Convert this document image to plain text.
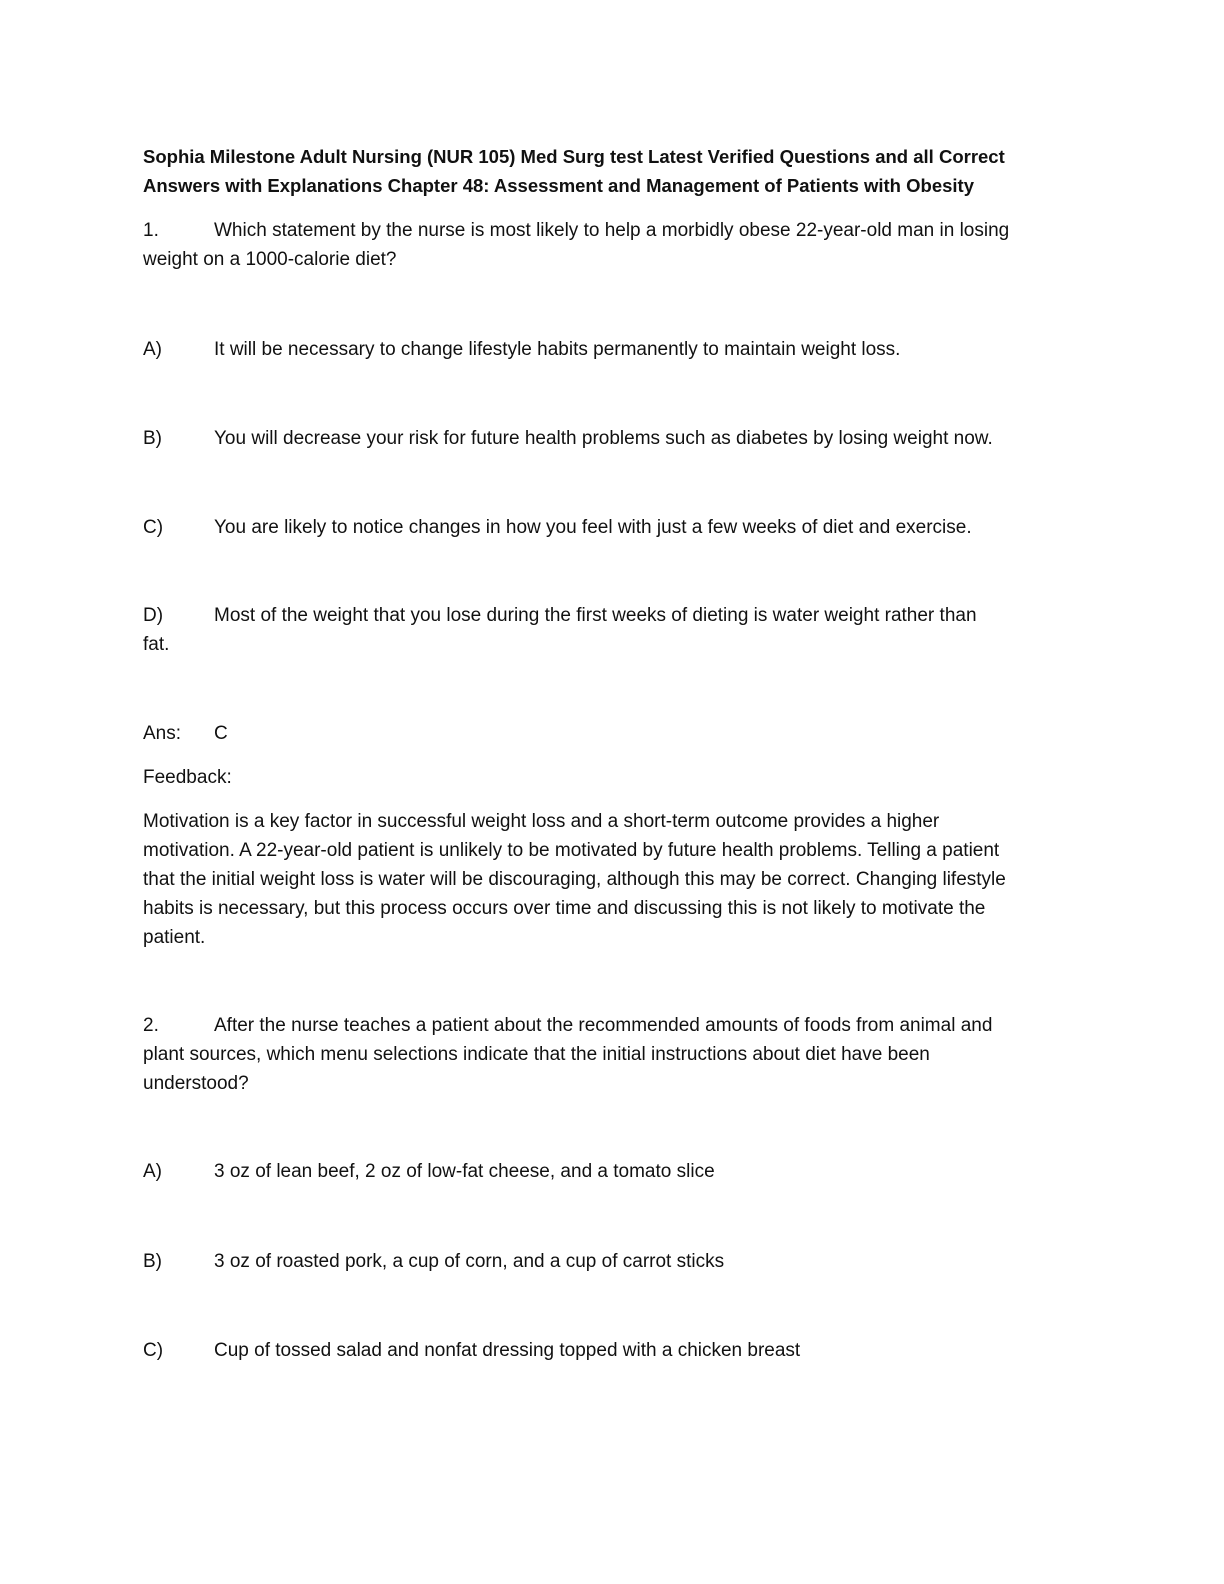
Sophia Milestone Adult Nursing (NUR 105) Med Surg test Latest Verified Questions and all Correct
Answers with Explanations Chapter 48: Assessment and Management of Patients with Obesity
1.	Which statement by the nurse is most likely to help a morbidly obese 22-year-old man in losing
weight on a 1000-calorie diet?
A)	It will be necessary to change lifestyle habits permanently to maintain weight loss.
B)	You will decrease your risk for future health problems such as diabetes by losing weight now.
C)	You are likely to notice changes in how you feel with just a few weeks of diet and exercise.
D)	Most of the weight that you lose during the first weeks of dieting is water weight rather than
fat.
Ans:	C
Feedback:
Motivation is a key factor in successful weight loss and a short-term outcome provides a higher
motivation. A 22-year-old patient is unlikely to be motivated by future health problems. Telling a patient
that the initial weight loss is water will be discouraging, although this may be correct. Changing lifestyle
habits is necessary, but this process occurs over time and discussing this is not likely to motivate the
patient.
2.	After the nurse teaches a patient about the recommended amounts of foods from animal and
plant sources, which menu selections indicate that the initial instructions about diet have been
understood?
A)	3 oz of lean beef, 2 oz of low-fat cheese, and a tomato slice
B)	3 oz of roasted pork, a cup of corn, and a cup of carrot sticks
C)	Cup of tossed salad and nonfat dressing topped with a chicken breast
